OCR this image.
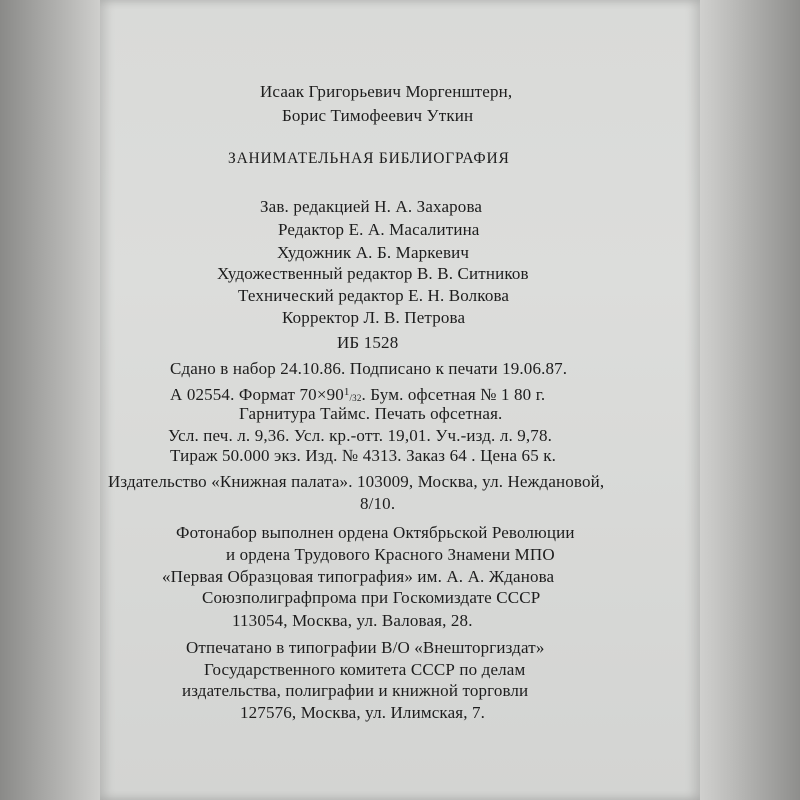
Исаак Григорьевич Моргенштерн,
Борис Тимофеевич Уткин
ЗАНИМАТЕЛЬНАЯ БИБЛИОГРАФИЯ
Зав. редакцией Н. А. Захарова
Редактор Е. А. Масалитина
Художник А. Б. Маркевич
Художественный редактор В. В. Ситников
Технический редактор Е. Н. Волкова
Корректор Л. В. Петрова
ИБ 1528
Сдано в набор 24.10.86. Подписано к печати 19.06.87.
А 02554. Формат $70\times 90^1/32$. Бум. офсетная № 1 80 г.
Гарнитура Таймс. Печать офсетная.
Усл. печ. л. 9,36. Усл. кр.-отт. 19,01. Уч.-изд. л. 9,78.
Тираж 50.000 экз. Изд. № 4313. Заказ 64 . Цена 65 к.
Издательство «Книжная палата». 103009, Москва, ул. Неждановой,
8/10.
Фотонабор выполнен ордена Октябрьской Революции
и ордена Трудового Красного Знамени МПО
«Первая Образцовая типография» им. А. А. Жданова
Союзполиграфпрома при Госкомиздате СССР
113054, Москва, ул. Валовая, 28.
Отпечатано в типографии В/О «Внешторгиздат»
Государственного комитета СССР по делам
издательства, полиграфии и книжной торговли
127576, Москва, ул. Илимская, 7.
